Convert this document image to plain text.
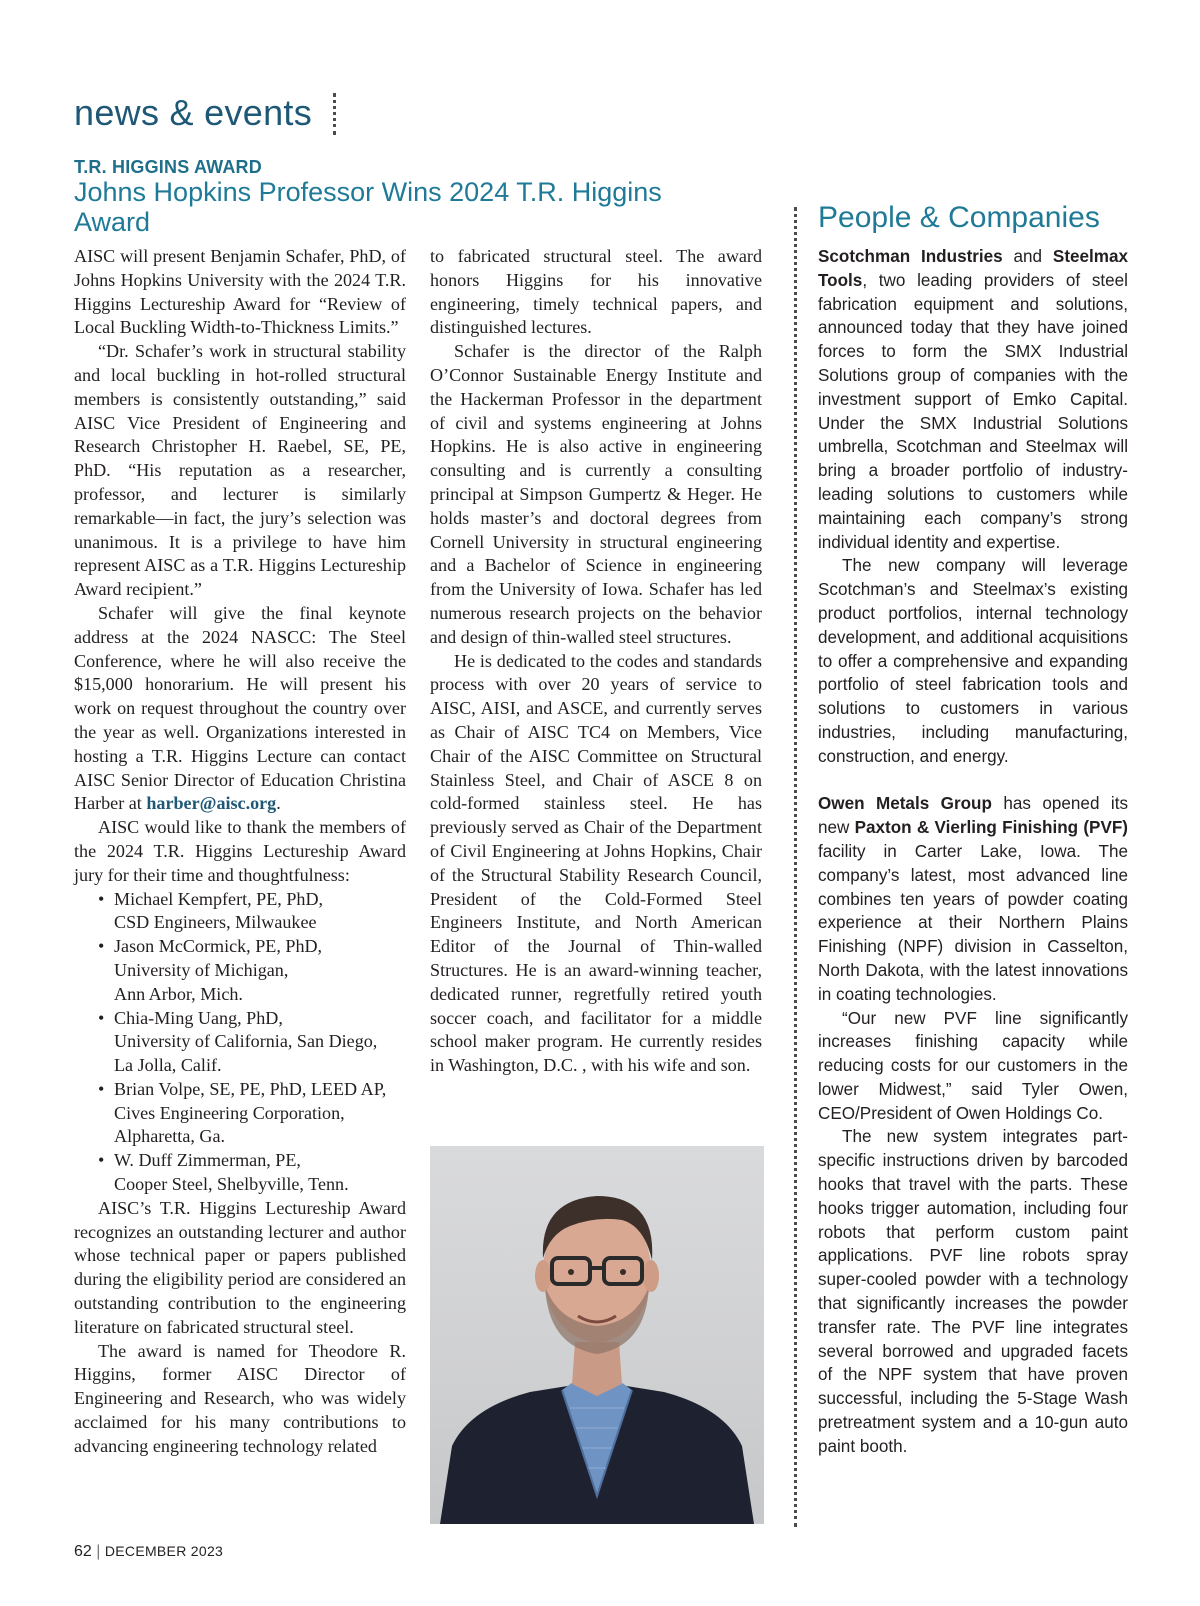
news & events
T.R. HIGGINS AWARD
Johns Hopkins Professor Wins 2024 T.R. Higgins Award

AISC will present Benjamin Schafer, PhD, of Johns Hopkins University with the 2024 T.R. Higgins Lectureship Award for “Review of Local Buckling Width-to-Thickness Limits.”

“Dr. Schafer’s work in structural stability and local buckling in hot-rolled structural members is consistently outstanding,” said AISC Vice President of Engineering and Research Christopher H. Raebel, SE, PE, PhD. “His reputation as a researcher, professor, and lecturer is similarly remarkable—in fact, the jury’s selection was unanimous. It is a privilege to have him represent AISC as a T.R. Higgins Lectureship Award recipient.”

Schafer will give the final keynote address at the 2024 NASCC: The Steel Conference, where he will also receive the $15,000 honorarium. He will present his work on request throughout the country over the year as well. Organizations interested in hosting a T.R. Higgins Lecture can contact AISC Senior Director of Education Christina Harber at harber@aisc.org.

AISC would like to thank the members of the 2024 T.R. Higgins Lectureship Award jury for their time and thoughtfulness:

• Michael Kempfert, PE, PhD,
CSD Engineers, Milwaukee
• Jason McCormick, PE, PhD,
University of Michigan,
Ann Arbor, Mich.
• Chia-Ming Uang, PhD,
University of California, San Diego,
La Jolla, Calif.
• Brian Volpe, SE, PE, PhD, LEED AP,
Cives Engineering Corporation,
Alpharetta, Ga.
• W. Duff Zimmerman, PE,
Cooper Steel, Shelbyville, Tenn.

AISC’s T.R. Higgins Lectureship Award recognizes an outstanding lecturer and author whose technical paper or papers published during the eligibility period are considered an outstanding contribution to the engineering literature on fabricated structural steel.

The award is named for Theodore R. Higgins, former AISC Director of Engineering and Research, who was widely acclaimed for his many contributions to advancing engineering technology related

to fabricated structural steel. The award honors Higgins for his innovative engineering, timely technical papers, and distinguished lectures.

Schafer is the director of the Ralph O’Connor Sustainable Energy Institute and the Hackerman Professor in the department of civil and systems engineering at Johns Hopkins. He is also active in engineering consulting and is currently a consulting principal at Simpson Gumpertz & Heger. He holds master’s and doctoral degrees from Cornell University in structural engineering and a Bachelor of Science in engineering from the University of Iowa. Schafer has led numerous research projects on the behavior and design of thin-walled steel structures.

He is dedicated to the codes and standards process with over 20 years of service to AISC, AISI, and ASCE, and currently serves as Chair of AISC TC4 on Members, Vice Chair of the AISC Committee on Structural Stainless Steel, and Chair of ASCE 8 on cold-formed stainless steel. He has previously served as Chair of the Department of Civil Engineering at Johns Hopkins, Chair of the Structural Stability Research Council, President of the Cold-Formed Steel Engineers Institute, and North American Editor of the Journal of Thin-walled Structures. He is an award-winning teacher, dedicated runner, regretfully retired youth soccer coach, and facilitator for a middle school maker program. He currently resides in Washington, D.C. , with his wife and son.

People & Companies

Scotchman Industries and Steelmax Tools, two leading providers of steel fabrication equipment and solutions, announced today that they have joined forces to form the SMX Industrial Solutions group of companies with the investment support of Emko Capital. Under the SMX Industrial Solutions umbrella, Scotchman and Steelmax will bring a broader portfolio of industry-leading solutions to customers while maintaining each company’s strong individual identity and expertise.

The new company will leverage Scotchman’s and Steelmax’s existing product portfolios, internal technology development, and additional acquisitions to offer a comprehensive and expanding portfolio of steel fabrication tools and solutions to customers in various industries, including manufacturing, construction, and energy.

Owen Metals Group has opened its new Paxton & Vierling Finishing (PVF) facility in Carter Lake, Iowa. The company’s latest, most advanced line combines ten years of powder coating experience at their Northern Plains Finishing (NPF) division in Casselton, North Dakota, with the latest innovations in coating technologies.

“Our new PVF line significantly increases finishing capacity while reducing costs for our customers in the lower Midwest,” said Tyler Owen, CEO/President of Owen Holdings Co.

The new system integrates part-specific instructions driven by barcoded hooks that travel with the parts. These hooks trigger automation, including four robots that perform custom paint applications. PVF line robots spray super-cooled powder with a technology that significantly increases the powder transfer rate. The PVF line integrates several borrowed and upgraded facets of the NPF system that have proven successful, including the 5-Stage Wash pretreatment system and a 10-gun auto paint booth.

62 | DECEMBER 2023
